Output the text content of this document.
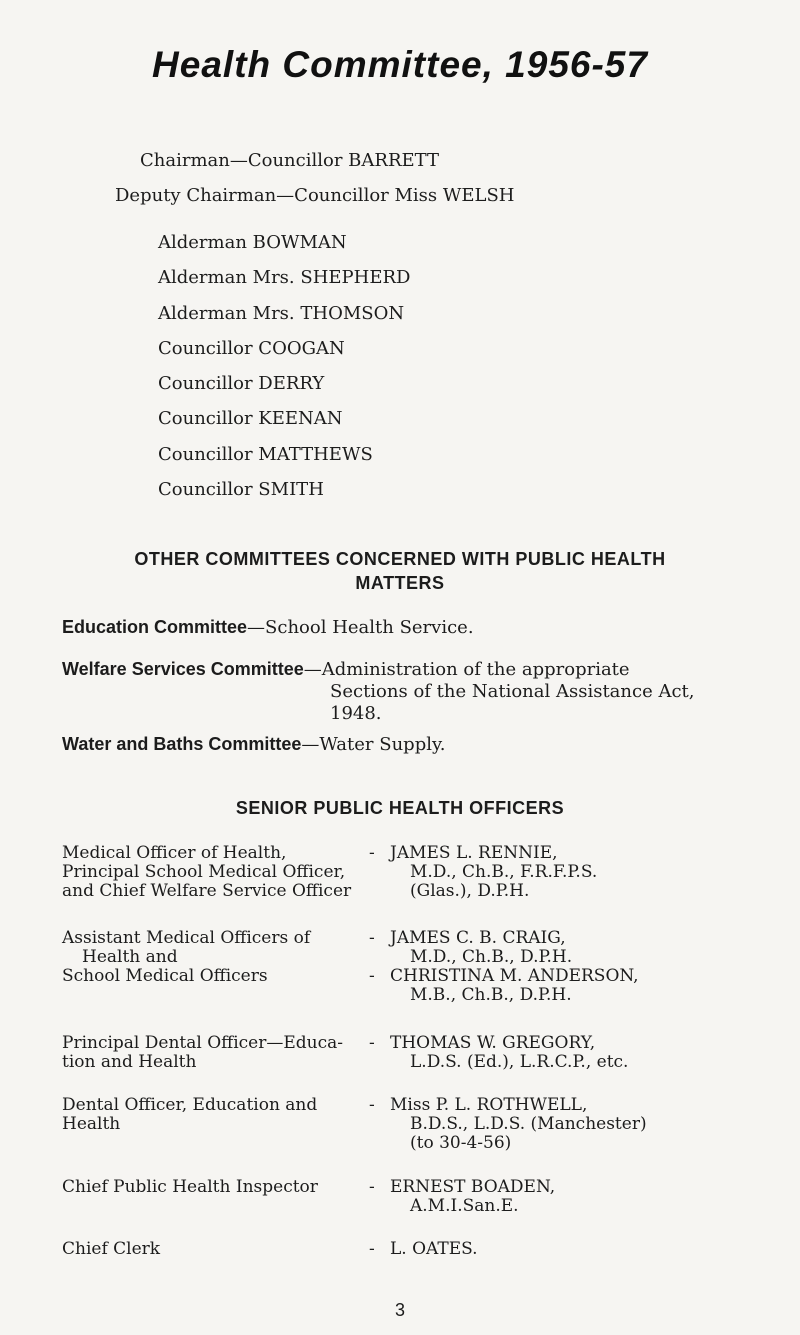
Health Committee, 1956-57
Chairman—Councillor BARRETT
Deputy Chairman—Councillor Miss WELSH
Alderman BOWMAN
Alderman Mrs. SHEPHERD
Alderman Mrs. THOMSON
Councillor COOGAN
Councillor DERRY
Councillor KEENAN
Councillor MATTHEWS
Councillor SMITH
OTHER COMMITTEES CONCERNED WITH PUBLIC HEALTH
MATTERS
Education Committee—School Health Service.
Welfare Services Committee—Administration of the appropriate
Sections of the National Assistance Act, 1948.
Water and Baths Committee—Water Supply.
SENIOR PUBLIC HEALTH OFFICERS
Medical Officer of Health,
Principal School Medical Officer,
and Chief Welfare Service Officer
- JAMES L. RENNIE,
M.D., Ch.B., F.R.F.P.S.
(Glas.), D.P.H.
Assistant Medical Officers of
Health and
School Medical Officers
-
-
JAMES C. B. CRAIG,
M.D., Ch.B., D.P.H.
CHRISTINA M. ANDERSON,
M.B., Ch.B., D.P.H.
Principal Dental Officer—Educa-
tion and Health
- THOMAS W. GREGORY,
L.D.S. (Ed.), L.R.C.P., etc.
Dental Officer, Education and
Health
- Miss P. L. ROTHWELL,
B.D.S., L.D.S. (Manchester)
(to 30-4-56)
Chief Public Health Inspector	- ERNEST BOADEN,
A.M.I.San.E.
Chief Clerk	- L. OATES.
3
